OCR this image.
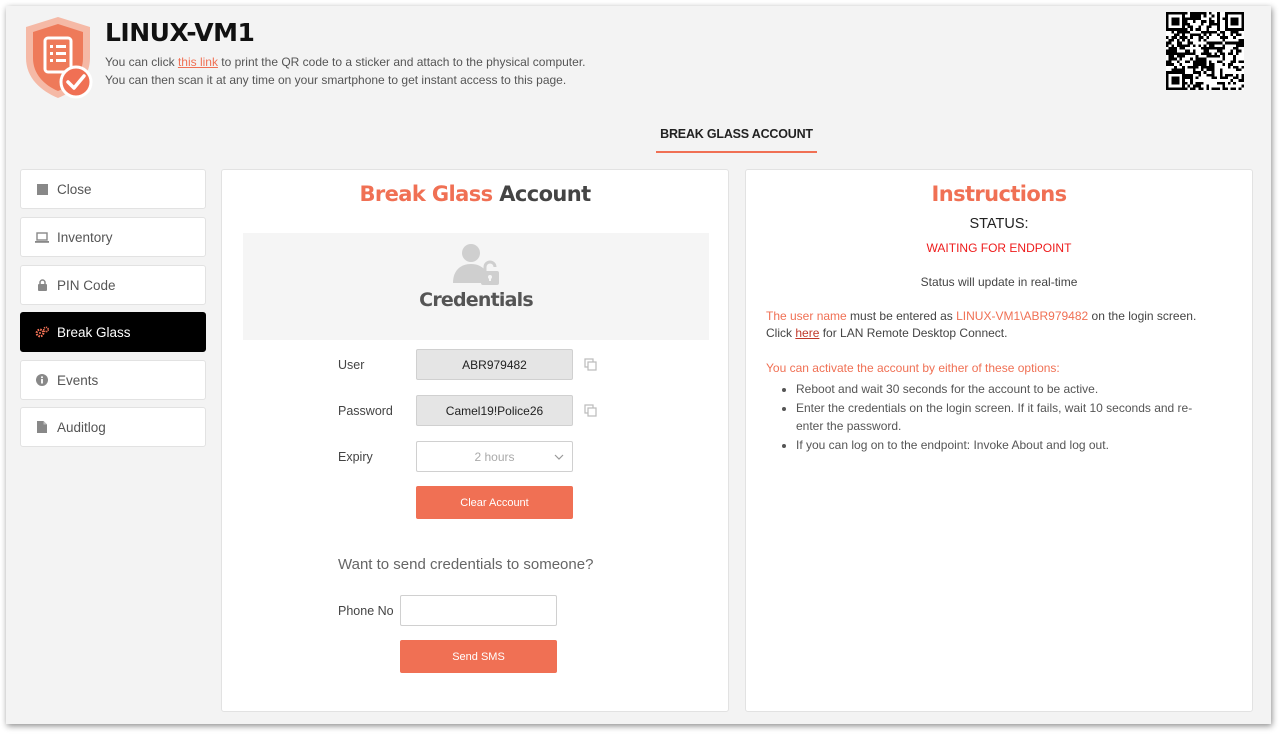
LINUX-VM1
You can click this link to print the QR code to a sticker and attach to the physical computer.
You can then scan it at any time on your smartphone to get instant access to this page.
BREAK GLASS ACCOUNT
Close
Inventory
PIN Code
Break Glass
Events
Auditlog
Break Glass Account
Credentials
User	ABR979482
Password	Camel19!Police26
Expiry	2 hours
Clear Account
Want to send credentials to someone?
Phone No
Send SMS
Instructions
STATUS:
WAITING FOR ENDPOINT
Status will update in real-time
The user name must be entered as LINUX-VM1\ABR979482 on the login screen. Click here for LAN Remote Desktop Connect.
You can activate the account by either of these options:
• Reboot and wait 30 seconds for the account to be active.
• Enter the credentials on the login screen. If it fails, wait 10 seconds and re-enter the password.
• If you can log on to the endpoint: Invoke About and log out.
